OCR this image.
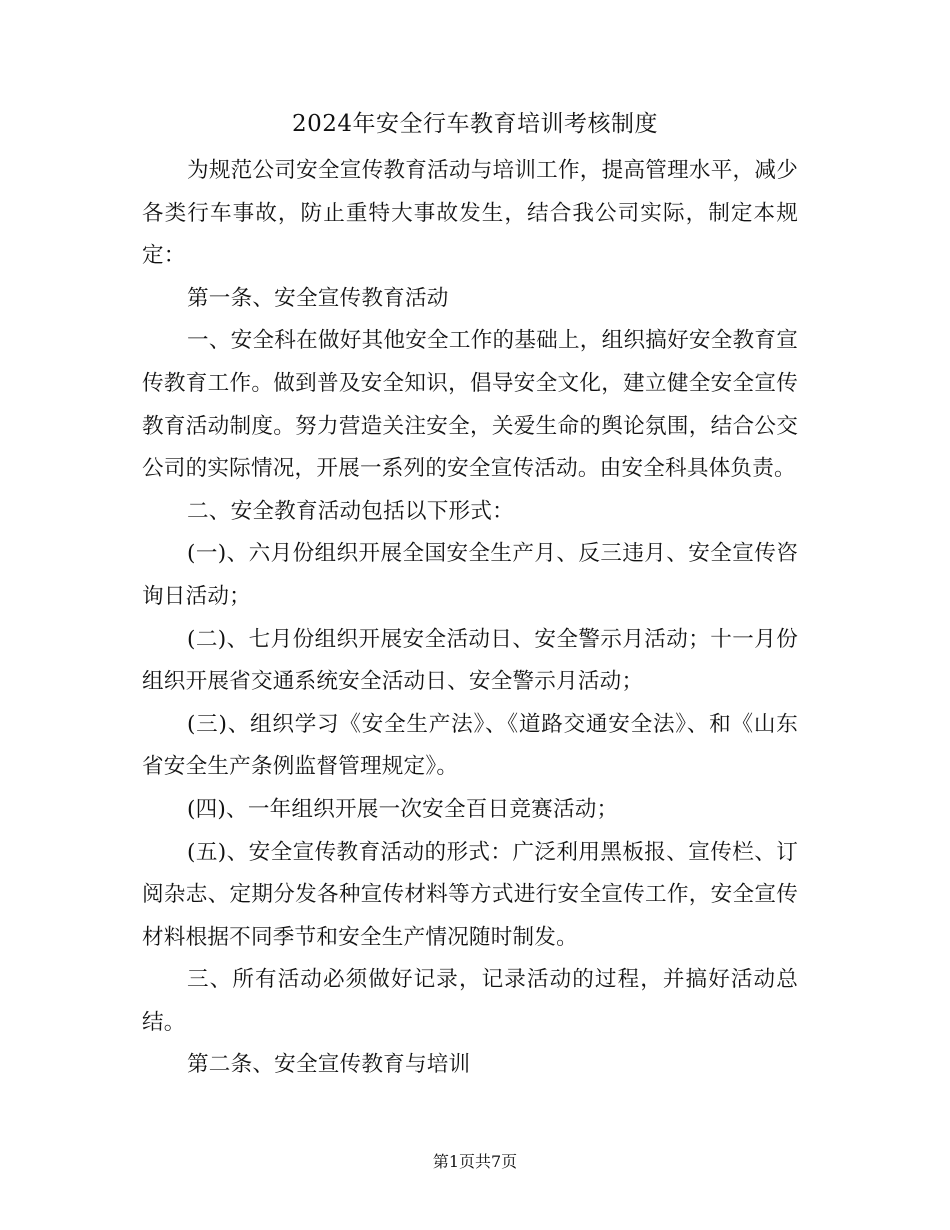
2024年安全行车教育培训考核制度

为规范公司安全宣传教育活动与培训工作，提高管理水平，减少各类行车事故，防止重特大事故发生，结合我公司实际，制定本规定：

第一条、安全宣传教育活动

一、安全科在做好其他安全工作的基础上，组织搞好安全教育宣传教育工作。做到普及安全知识，倡导安全文化，建立健全安全宣传教育活动制度。努力营造关注安全，关爱生命的舆论氛围，结合公交公司的实际情况，开展一系列的安全宣传活动。由安全科具体负责。

二、安全教育活动包括以下形式：

(一)、六月份组织开展全国安全生产月、反三违月、安全宣传咨询日活动；

(二)、七月份组织开展安全活动日、安全警示月活动；十一月份组织开展省交通系统安全活动日、安全警示月活动；

(三)、组织学习《安全生产法》、《道路交通安全法》、和《山东省安全生产条例监督管理规定》。

(四)、一年组织开展一次安全百日竞赛活动；

(五)、安全宣传教育活动的形式：广泛利用黑板报、宣传栏、订阅杂志、定期分发各种宣传材料等方式进行安全宣传工作，安全宣传材料根据不同季节和安全生产情况随时制发。

三、所有活动必须做好记录，记录活动的过程，并搞好活动总结。

第二条、安全宣传教育与培训

第1页共7页
